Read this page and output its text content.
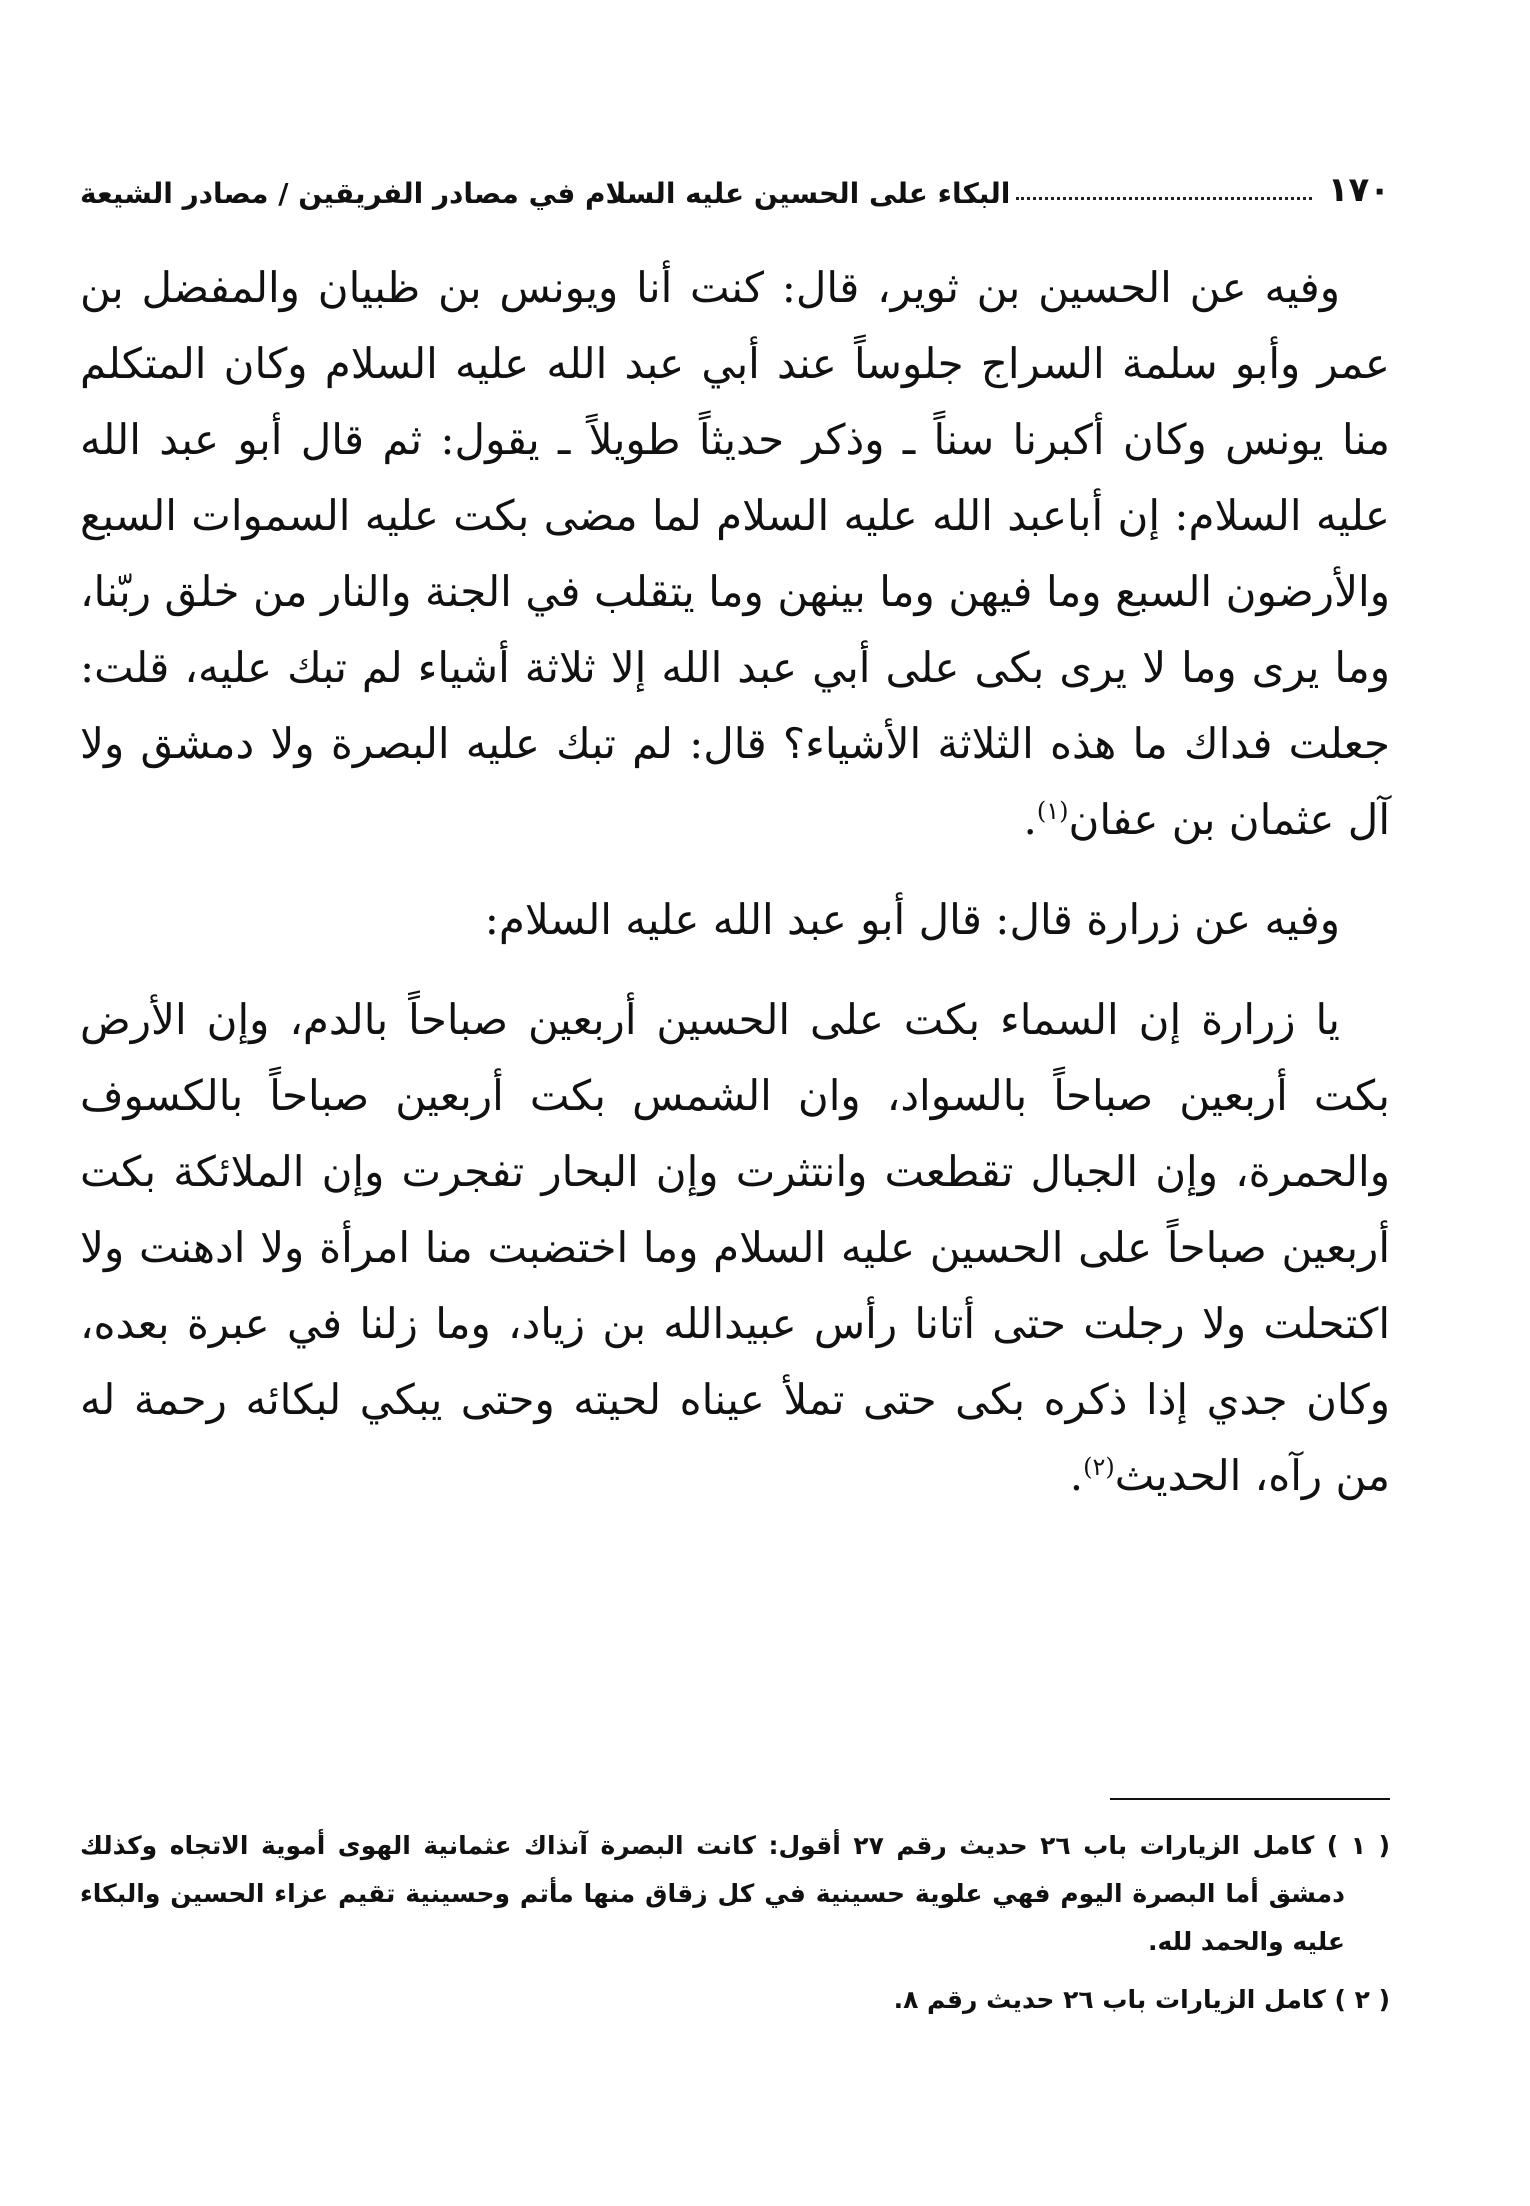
١٧٠
البكاء على الحسين عليه السلام في مصادر الفريقين / مصادر الشيعة

وفيه عن الحسين بن ثوير، قال: كنت أنا ويونس بن ظبيان والمفضل بن عمر وأبو سلمة السراج جلوساً عند أبي عبد الله عليه السلام وكان المتكلم منا يونس وكان أكبرنا سناً ـ وذكر حديثاً طويلاً ـ يقول: ثم قال أبو عبد الله عليه السلام: إن أباعبد الله عليه السلام لما مضى بكت عليه السموات السبع والأرضون السبع وما فيهن وما بينهن وما يتقلب في الجنة والنار من خلق ربّنا، وما يرى وما لا يرى بكى على أبي عبد الله إلا ثلاثة أشياء لم تبك عليه، قلت: جعلت فداك ما هذه الثلاثة الأشياء؟ قال: لم تبك عليه البصرة ولا دمشق ولا آل عثمان بن عفان$^{(١)}$.

وفيه عن زرارة قال: قال أبو عبد الله عليه السلام:

يا زرارة إن السماء بكت على الحسين أربعين صباحاً بالدم، وإن الأرض بكت أربعين صباحاً بالسواد، وان الشمس بكت أربعين صباحاً بالكسوف والحمرة، وإن الجبال تقطعت وانتثرت وإن البحار تفجرت وإن الملائكة بكت أربعين صباحاً على الحسين عليه السلام وما اختضبت منا امرأة ولا ادهنت ولا اكتحلت ولا رجلت حتى أتانا رأس عبيدالله بن زياد، وما زلنا في عبرة بعده، وكان جدي إذا ذكره بكى حتى تملأ عيناه لحيته وحتى يبكي لبكائه رحمة له من رآه، الحديث$^{(٢)}$.

( ١ ) كامل الزيارات باب ٢٦ حديث رقم ٢٧ أقول: كانت البصرة آنذاك عثمانية الهوى أموية الاتجاه وكذلك دمشق أما البصرة اليوم فهي علوية حسينية في كل زقاق منها مأتم وحسينية تقيم عزاء الحسين والبكاء عليه والحمد لله.

( ٢ ) كامل الزيارات باب ٢٦ حديث رقم ٨.
